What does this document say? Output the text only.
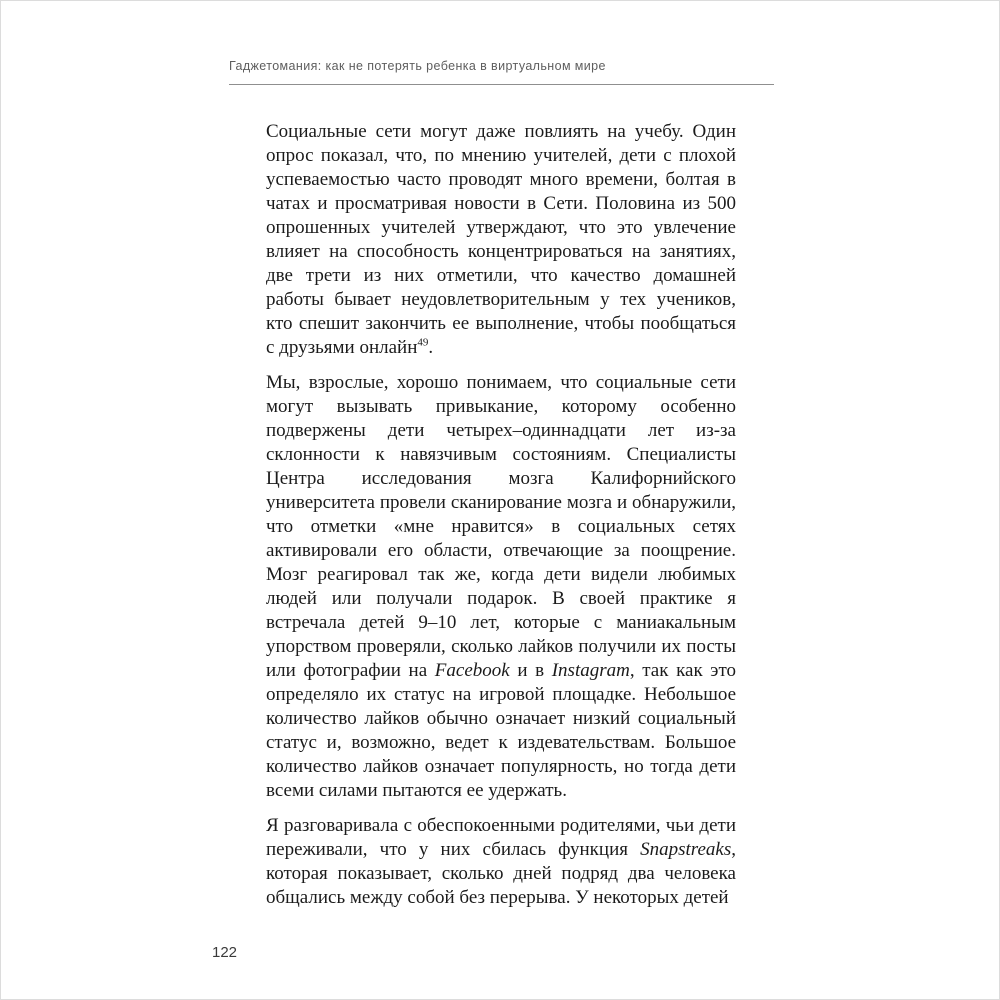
Гаджетомания: как не потерять ребенка в виртуальном мире

Социальные сети могут даже повлиять на учебу. Один опрос показал, что, по мнению учителей, дети с плохой успеваемостью часто проводят много времени, болтая в чатах и просматривая новости в Сети. Половина из 500 опрошенных учителей утверждают, что это увлечение влияет на способность концентрироваться на занятиях, две трети из них отметили, что качество домашней работы бывает неудовлетворительным у тех учеников, кто спешит закончить ее выполнение, чтобы пообщаться с друзьями онлайн$^{49}$.

Мы, взрослые, хорошо понимаем, что социальные сети могут вызывать привыкание, которому особенно подвержены дети четырех–одиннадцати лет из-за склонности к навязчивым состояниям. Специалисты Центра исследования мозга Калифорнийского университета провели сканирование мозга и обнаружили, что отметки «мне нравится» в социальных сетях активировали его области, отвечающие за поощрение. Мозг реагировал так же, когда дети видели любимых людей или получали подарок. В своей практике я встречала детей 9–10 лет, которые с маниакальным упорством проверяли, сколько лайков получили их посты или фотографии на Facebook и в Instagram, так как это определяло их статус на игровой площадке. Небольшое количество лайков обычно означает низкий социальный статус и, возможно, ведет к издевательствам. Большое количество лайков означает популярность, но тогда дети всеми силами пытаются ее удержать.

Я разговаривала с обеспокоенными родителями, чьи дети переживали, что у них сбилась функция Snapstreaks, которая показывает, сколько дней подряд два человека общались между собой без перерыва. У некоторых детей

122
